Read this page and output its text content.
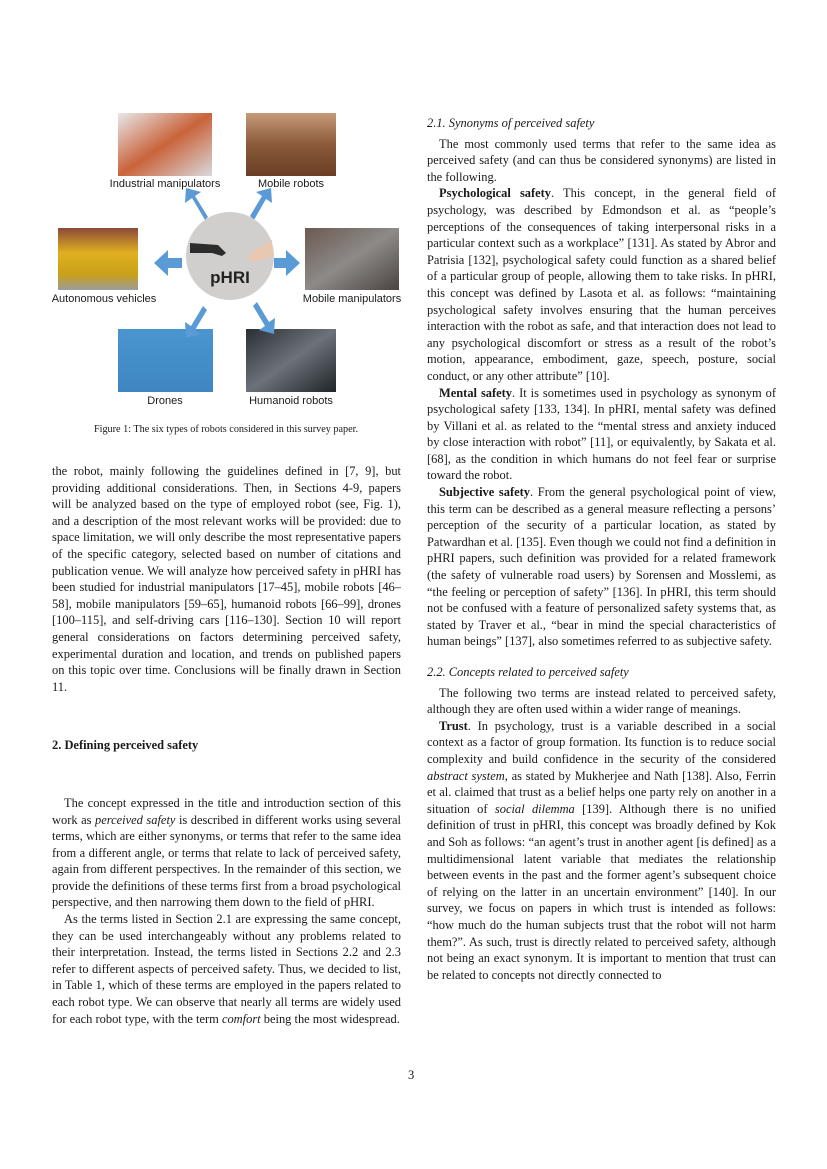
pHRI
Industrial manipulators	Mobile robots
Autonomous vehicles	Mobile manipulators
Drones	Humanoid robots
Figure 1: The six types of robots considered in this survey paper.

the robot, mainly following the guidelines defined in [7, 9], but providing additional considerations. Then, in Sections 4-9, papers will be analyzed based on the type of employed robot (see, Fig. 1), and a description of the most relevant works will be provided: due to space limitation, we will only describe the most representative papers of the specific category, selected based on number of citations and publication venue. We will analyze how perceived safety in pHRI has been studied for industrial manipulators [17–45], mobile robots [46–58], mobile manipulators [59–65], humanoid robots [66–99], drones [100–115], and self-driving cars [116–130]. Section 10 will report general considerations on factors determining perceived safety, experimental duration and location, and trends on published papers on this topic over time. Conclusions will be finally drawn in Section 11.

2. Defining perceived safety

The concept expressed in the title and introduction section of this work as perceived safety is described in different works using several terms, which are either synonyms, or terms that refer to the same idea from a different angle, or terms that relate to lack of perceived safety, again from different perspectives. In the remainder of this section, we provide the definitions of these terms first from a broad psychological perspective, and then narrowing them down to the field of pHRI.

As the terms listed in Section 2.1 are expressing the same concept, they can be used interchangeably without any problems related to their interpretation. Instead, the terms listed in Sections 2.2 and 2.3 refer to different aspects of perceived safety. Thus, we decided to list, in Table 1, which of these terms are employed in the papers related to each robot type. We can observe that nearly all terms are widely used for each robot type, with the term comfort being the most widespread.

2.1. Synonyms of perceived safety

The most commonly used terms that refer to the same idea as perceived safety (and can thus be considered synonyms) are listed in the following.

Psychological safety. This concept, in the general field of psychology, was described by Edmondson et al. as “people’s perceptions of the consequences of taking interpersonal risks in a particular context such as a workplace” [131]. As stated by Abror and Patrisia [132], psychological safety could function as a shared belief of a particular group of people, allowing them to take risks. In pHRI, this concept was defined by Lasota et al. as follows: “maintaining psychological safety involves ensuring that the human perceives interaction with the robot as safe, and that interaction does not lead to any psychological discomfort or stress as a result of the robot’s motion, appearance, embodiment, gaze, speech, posture, social conduct, or any other attribute” [10].

Mental safety. It is sometimes used in psychology as synonym of psychological safety [133, 134]. In pHRI, mental safety was defined by Villani et al. as related to the “mental stress and anxiety induced by close interaction with robot” [11], or equivalently, by Sakata et al. [68], as the condition in which humans do not feel fear or surprise toward the robot.

Subjective safety. From the general psychological point of view, this term can be described as a general measure reflecting a persons’ perception of the security of a particular location, as stated by Patwardhan et al. [135]. Even though we could not find a definition in pHRI papers, such definition was provided for a related framework (the safety of vulnerable road users) by Sorensen and Mosslemi, as “the feeling or perception of safety” [136]. In pHRI, this term should not be confused with a feature of personalized safety systems that, as stated by Traver et al., “bear in mind the special characteristics of human beings” [137], also sometimes referred to as subjective safety.

2.2. Concepts related to perceived safety

The following two terms are instead related to perceived safety, although they are often used within a wider range of meanings.

Trust. In psychology, trust is a variable described in a social context as a factor of group formation. Its function is to reduce social complexity and build confidence in the security of the considered abstract system, as stated by Mukherjee and Nath [138]. Also, Ferrin et al. claimed that trust as a belief helps one party rely on another in a situation of social dilemma [139]. Although there is no unified definition of trust in pHRI, this concept was broadly defined by Kok and Soh as follows: “an agent’s trust in another agent [is defined] as a multidimensional latent variable that mediates the relationship between events in the past and the former agent’s subsequent choice of relying on the latter in an uncertain environment” [140]. In our survey, we focus on papers in which trust is intended as follows: “how much do the human subjects trust that the robot will not harm them?”. As such, trust is directly related to perceived safety, although not being an exact synonym. It is important to mention that trust can be related to concepts not directly connected to

3
